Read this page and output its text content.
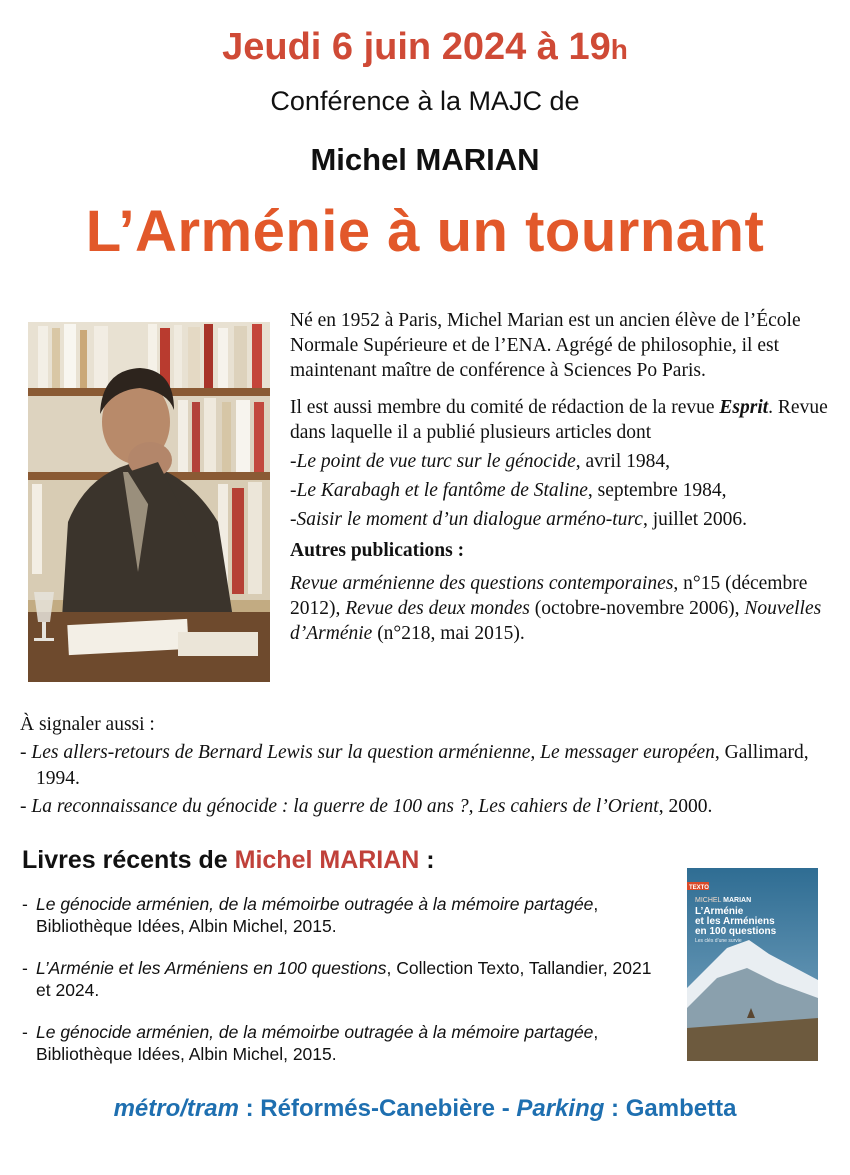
Jeudi 6 juin 2024 à 19h
Conférence à la MAJC de
Michel MARIAN
L’Arménie à un tournant

Né en 1952 à Paris, Michel Marian est un ancien élève de l’École Normale Supérieure et de l’ENA. Agrégé de philosophie, il est maintenant maître de conférence à Sciences Po Paris.

Il est aussi membre du comité de rédaction de la revue Esprit. Revue dans laquelle il a publié plusieurs articles dont

-Le point de vue turc sur le génocide, avril 1984,
-Le Karabagh et le fantôme de Staline, septembre 1984,
-Saisir le moment d’un dialogue arméno-turc, juillet 2006.
Autres publications :
Revue arménienne des questions contemporaines, n°15 (décembre 2012), Revue des deux mondes (octobre-novembre 2006), Nouvelles d’Arménie (n°218, mai 2015).
À signaler aussi :
- Les allers-retours de Bernard Lewis sur la question arménienne, Le messager européen, Gallimard, 1994.
- La reconnaissance du génocide : la guerre de 100 ans ?, Les cahiers de l’Orient, 2000.
Livres récents de Michel MARIAN :
- Le génocide arménien, de la mémoirbe outragée à la mémoire partagée, Bibliothèque Idées, Albin Michel, 2015.
- L’Arménie et les Arméniens en 100 questions, Collection Texto, Tallandier, 2021 et 2024.
- Le génocide arménien, de la mémoirbe outragée à la mémoire partagée, Bibliothèque Idées, Albin Michel, 2015.
TEXTO
MICHEL MARIAN
L’Arménie
et les Arméniens
en 100 questions
Les clés d’une survie
métro/tram : Réformés-Canebière - Parking : Gambetta
